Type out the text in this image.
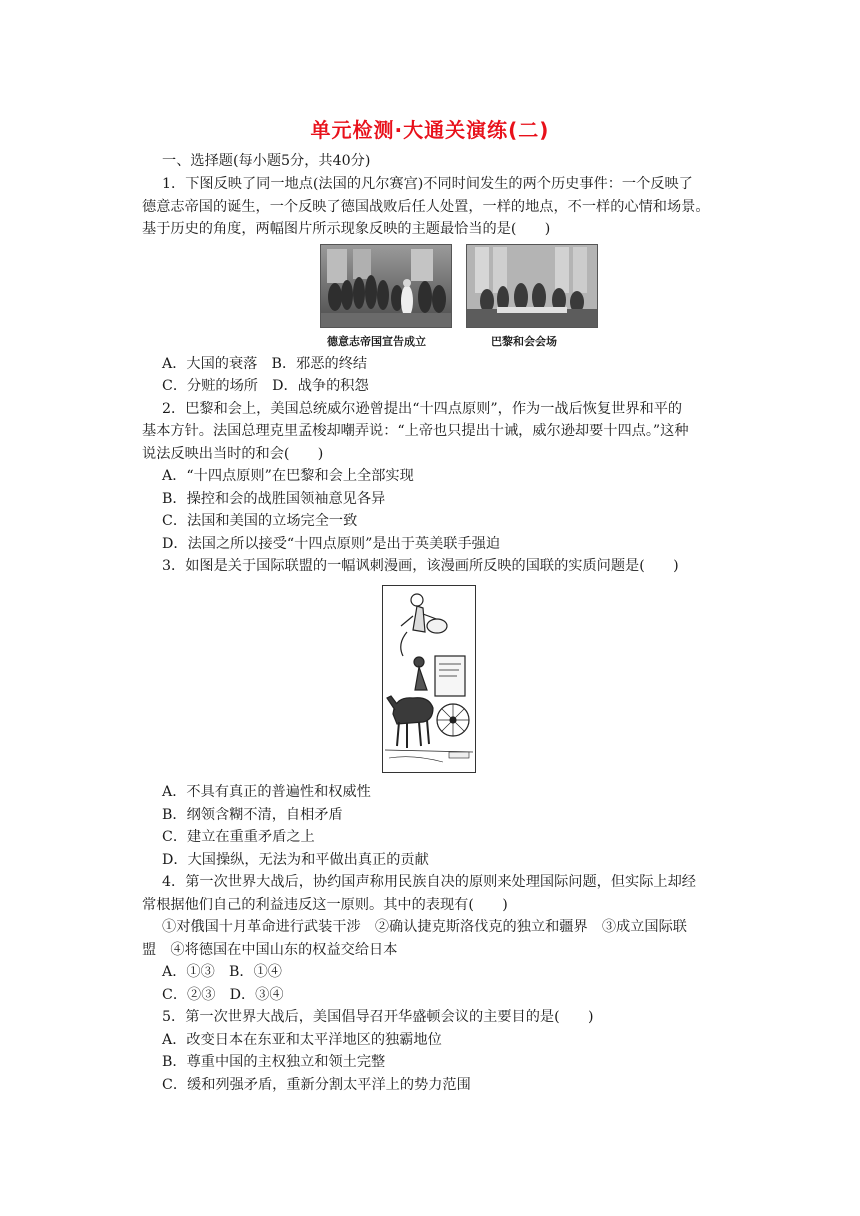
单元检测·大通关演练(二)
一、选择题(每小题5分，共40分)
1．下图反映了同一地点(法国的凡尔赛宫)不同时间发生的两个历史事件：一个反映了
德意志帝国的诞生，一个反映了德国战败后任人处置，一样的地点，不一样的心情和场景。
基于历史的角度，两幅图片所示现象反映的主题最恰当的是(　　)
德意志帝国宣告成立	巴黎和会会场
A．大国的衰落　B．邪恶的终结
C．分赃的场所　D．战争的积怨
2．巴黎和会上，美国总统威尔逊曾提出“十四点原则”，作为一战后恢复世界和平的
基本方针。法国总理克里孟梭却嘲弄说：“上帝也只提出十诫，威尔逊却要十四点。”这种
说法反映出当时的和会(　　)
A．“十四点原则”在巴黎和会上全部实现
B．操控和会的战胜国领袖意见各异
C．法国和美国的立场完全一致
D．法国之所以接受“十四点原则”是出于英美联手强迫
3．如图是关于国际联盟的一幅讽刺漫画，该漫画所反映的国联的实质问题是(　　)
A．不具有真正的普遍性和权威性
B．纲领含糊不清，自相矛盾
C．建立在重重矛盾之上
D．大国操纵，无法为和平做出真正的贡献
4．第一次世界大战后，协约国声称用民族自决的原则来处理国际问题，但实际上却经
常根据他们自己的利益违反这一原则。其中的表现有(　　)
①对俄国十月革命进行武装干涉　②确认捷克斯洛伐克的独立和疆界　③成立国际联
盟　④将德国在中国山东的权益交给日本
A．①③　B．①④
C．②③　D．③④
5．第一次世界大战后，美国倡导召开华盛顿会议的主要目的是(　　)
A．改变日本在东亚和太平洋地区的独霸地位
B．尊重中国的主权独立和领土完整
C．缓和列强矛盾，重新分割太平洋上的势力范围
